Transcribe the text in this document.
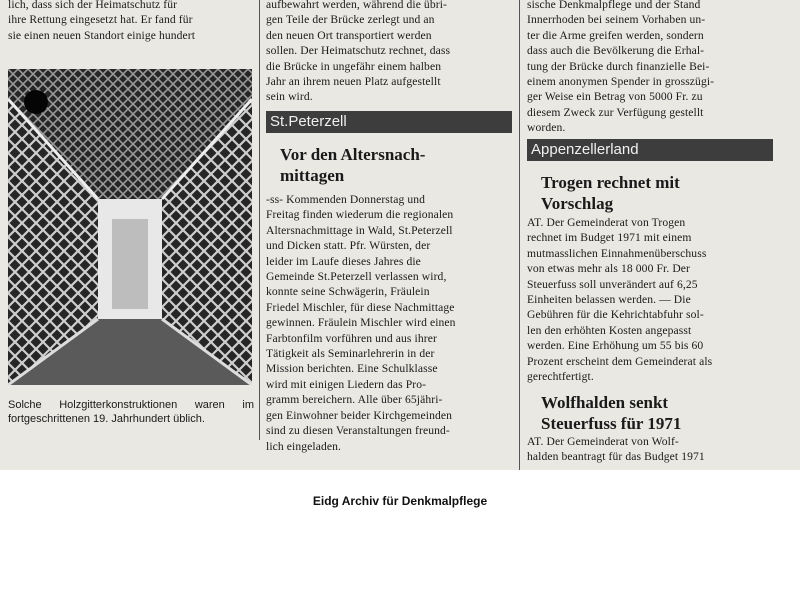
lich, dass sich der Heimatschutz für

ihre Rettung eingesetzt hat. Er fand für

sie einen neuen Standort einige hundert

Solche Holzgitterkonstruktionen waren im fortgeschrittenen 19. Jahrhundert üblich.

aufbewahrt werden, während die übri-

gen Teile der Brücke zerlegt und an

den neuen Ort transportiert werden

sollen. Der Heimatschutz rechnet, dass

die Brücke in ungefähr einem halben

Jahr an ihrem neuen Platz aufgestellt

sein wird.

St.Peterzell
Vor den Altersnach-
mittagen

-ss- Kommenden Donnerstag und

Freitag finden wiederum die regionalen

Altersnachmittage in Wald, St.Peterzell

und Dicken statt. Pfr. Würsten, der

leider im Laufe dieses Jahres die

Gemeinde St.Peterzell verlassen wird,

konnte seine Schwägerin, Fräulein

Friedel Mischler, für diese Nachmittage

gewinnen. Fräulein Mischler wird einen

Farbtonfilm vorführen und aus ihrer

Tätigkeit als Seminarlehrerin in der

Mission berichten. Eine Schulklasse

wird mit einigen Liedern das Pro-

gramm bereichern. Alle über 65jähri-

gen Einwohner beider Kirchgemeinden

sind zu diesen Veranstaltungen freund-

lich eingeladen.

sische Denkmalpflege und der Stand

Innerrhoden bei seinem Vorhaben un-

ter die Arme greifen werden, sondern

dass auch die Bevölkerung die Erhal-

tung der Brücke durch finanzielle Bei-

einem anonymen Spender in grosszügi-

ger Weise ein Betrag von 5000 Fr. zu

diesem Zweck zur Verfügung gestellt

worden.

Appenzellerland
Trogen rechnet mit
Vorschlag

AT. Der Gemeinderat von Trogen

rechnet im Budget 1971 mit einem

mutmasslichen Einnahmenüberschuss

von etwas mehr als 18 000 Fr. Der

Steuerfuss soll unverändert auf 6,25

Einheiten belassen werden. — Die

Gebühren für die Kehrichtabfuhr sol-

len den erhöhten Kosten angepasst

werden. Eine Erhöhung um 55 bis 60

Prozent erscheint dem Gemeinderat als

gerechtfertigt.

Wolfhalden senkt
Steuerfuss für 1971

AT. Der Gemeinderat von Wolf-

halden beantragt für das Budget 1971

Eidg Archiv für Denkmalpflege
